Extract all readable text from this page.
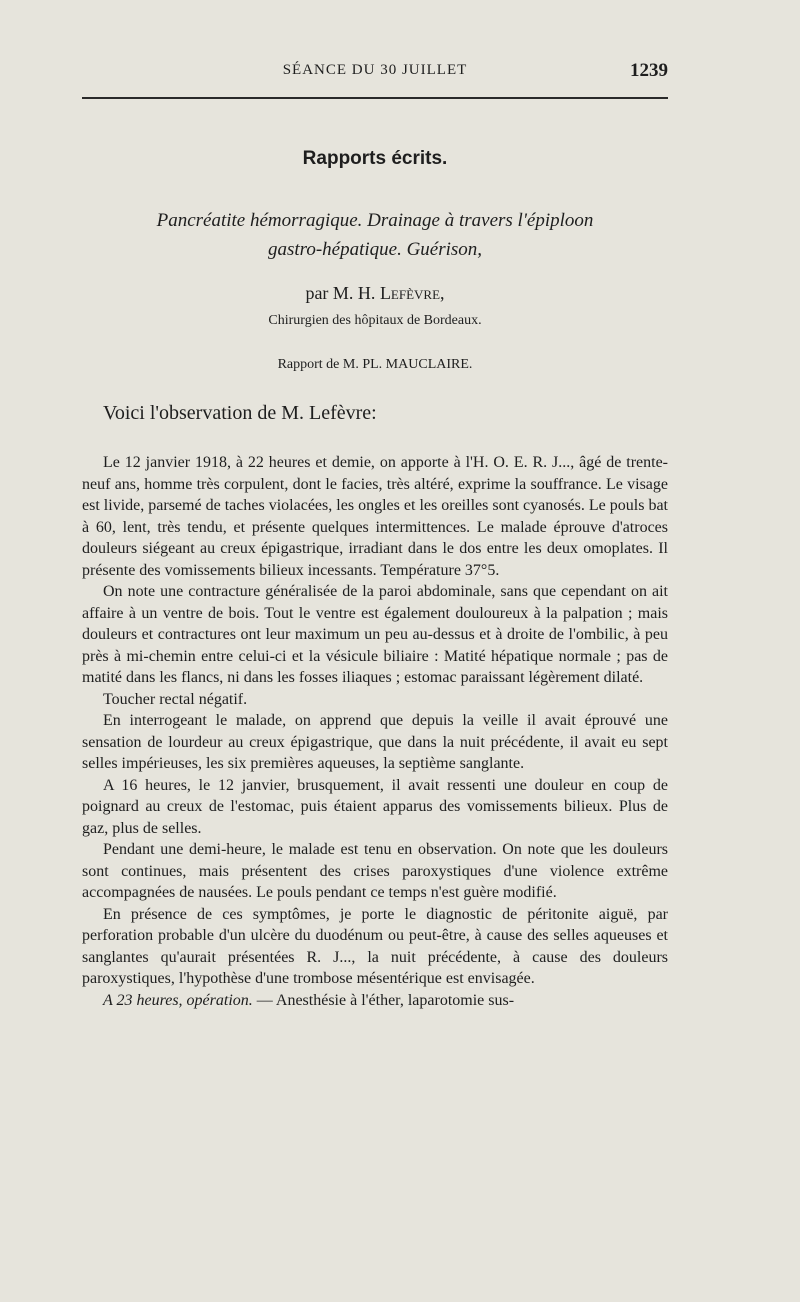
SÉANCE DU 30 JUILLET	1239
Rapports écrits.
Pancréatite hémorragique. Drainage à travers l'épiploon
gastro-hépatique. Guérison,
par M. H. Lefèvre,
Chirurgien des hôpitaux de Bordeaux.
Rapport de M. PL. MAUCLAIRE.
Voici l'observation de M. Lefèvre:

Le 12 janvier 1918, à 22 heures et demie, on apporte à l'H. O. E. R. J..., âgé de trente-neuf ans, homme très corpulent, dont le facies, très altéré, exprime la souffrance. Le visage est livide, parsemé de taches violacées, les ongles et les oreilles sont cyanosés. Le pouls bat à 60, lent, très tendu, et présente quelques intermittences. Le malade éprouve d'atroces douleurs siégeant au creux épigastrique, irradiant dans le dos entre les deux omoplates. Il présente des vomissements bilieux incessants. Température 37°5.

On note une contracture généralisée de la paroi abdominale, sans que cependant on ait affaire à un ventre de bois. Tout le ventre est également douloureux à la palpation ; mais douleurs et contractures ont leur maximum un peu au-dessus et à droite de l'ombilic, à peu près à mi-chemin entre celui-ci et la vésicule biliaire : Matité hépatique normale ; pas de matité dans les flancs, ni dans les fosses iliaques ; estomac paraissant légèrement dilaté.

Toucher rectal négatif.

En interrogeant le malade, on apprend que depuis la veille il avait éprouvé une sensation de lourdeur au creux épigastrique, que dans la nuit précédente, il avait eu sept selles impérieuses, les six premières aqueuses, la septième sanglante.

A 16 heures, le 12 janvier, brusquement, il avait ressenti une douleur en coup de poignard au creux de l'estomac, puis étaient apparus des vomissements bilieux. Plus de gaz, plus de selles.

Pendant une demi-heure, le malade est tenu en observation. On note que les douleurs sont continues, mais présentent des crises paroxystiques d'une violence extrême accompagnées de nausées. Le pouls pendant ce temps n'est guère modifié.

En présence de ces symptômes, je porte le diagnostic de péritonite aiguë, par perforation probable d'un ulcère du duodénum ou peut-être, à cause des selles aqueuses et sanglantes qu'aurait présentées R. J..., la nuit précédente, à cause des douleurs paroxystiques, l'hypothèse d'une trombose mésentérique est envisagée.

A 23 heures, opération. — Anesthésie à l'éther, laparotomie sus-
